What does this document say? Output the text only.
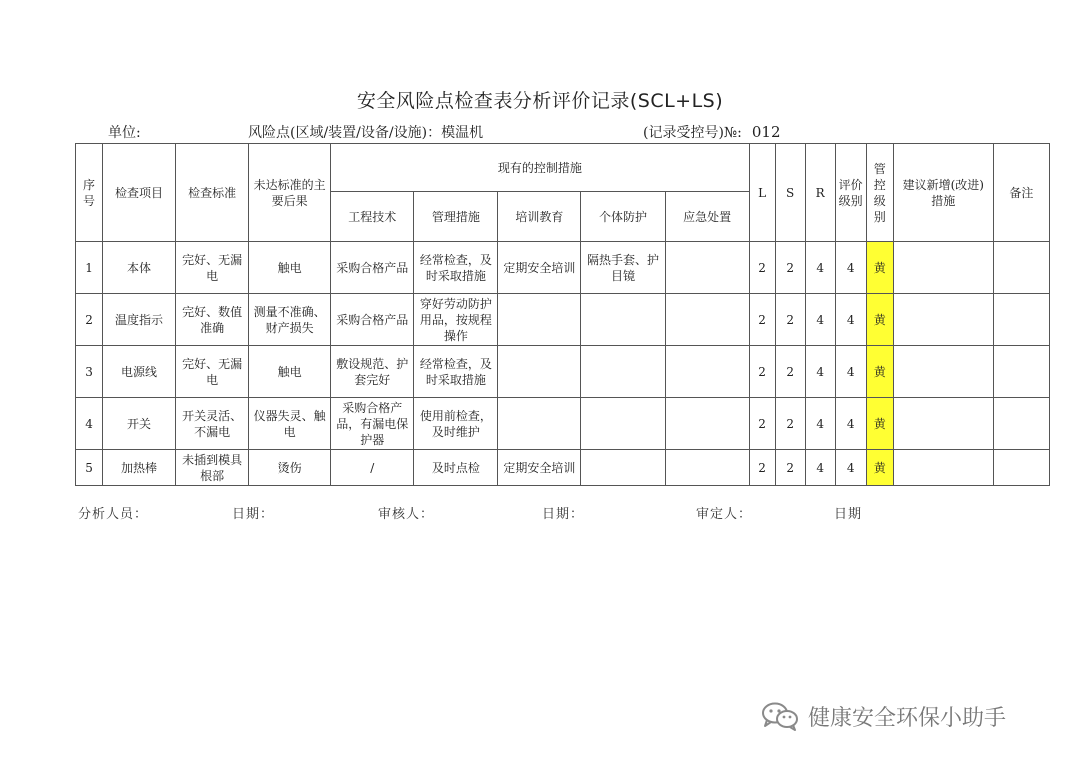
安全风险点检查表分析评价记录(SCL+LS)
单位:	风险点(区域/装置/设备/设施)：模温机	(记录受控号)№: 012
序号	检查项目	检查标准	未达标准的主要后果	现有的控制措施					L	S	R	评价级别	管控级别	建议新增(改进)措施	备注
				工程技术	管理措施	培训教育	个体防护	应急处置							
1	本体	完好、无漏电	触电	采购合格产品	经常检查，及时采取措施	定期安全培训	隔热手套、护目镜		2	2	4	4	黄		
2	温度指示	完好、数值准确	测量不准确、财产损失	采购合格产品	穿好劳动防护用品，按规程操作				2	2	4	4	黄		
3	电源线	完好、无漏电	触电	敷设规范、护套完好	经常检查，及时采取措施				2	2	4	4	黄		
4	开关	开关灵活、不漏电	仪器失灵、触电	采购合格产品，有漏电保护器	使用前检查，及时维护				2	2	4	4	黄		
5	加热棒	未插到模具根部	烫伤	/	及时点检	定期安全培训			2	2	4	4	黄		
分析人员：	日期：	审核人：	日期：	审定人：	日期
健康安全环保小助手
